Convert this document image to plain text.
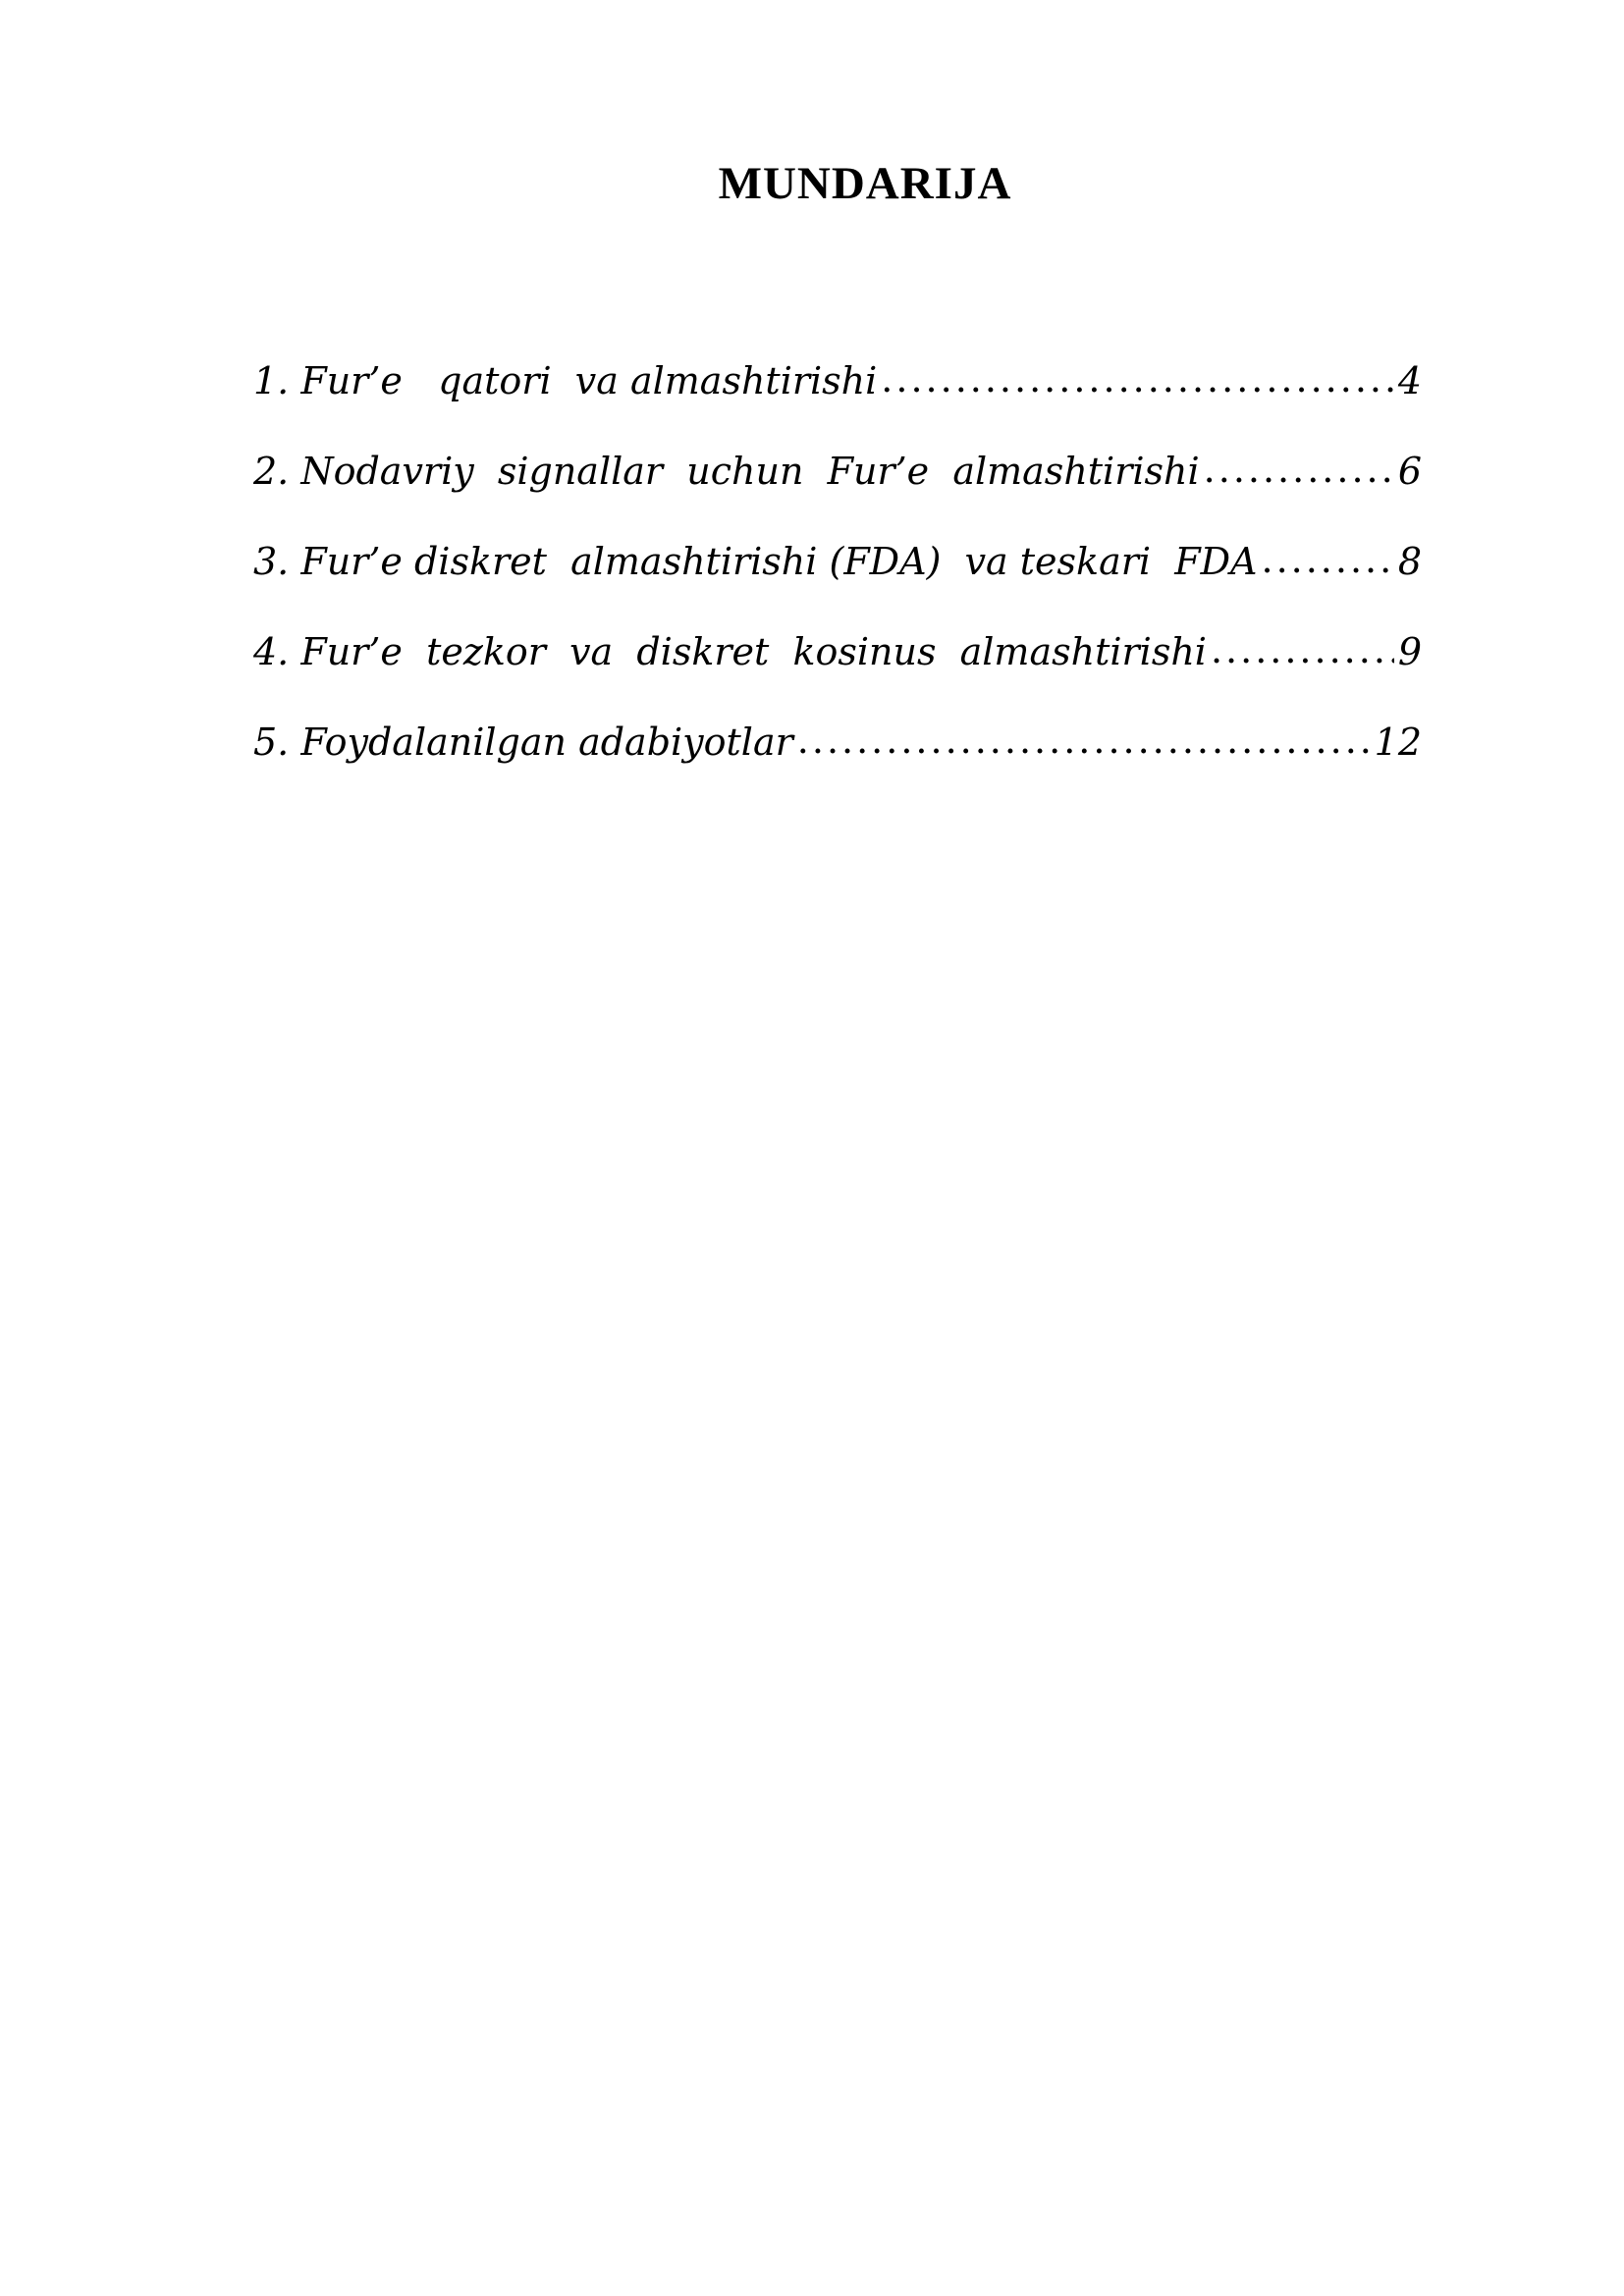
MUNDARIJA
1. Fur’e   qatori  va almashtirishi .....	4
2. Nodavriy  signallar  uchun  Fur’e  almashtirishi .....	6
3. Fur’e diskret  almashtirishi (FDA)  va teskari  FDA .....	8
4. Fur’e  tezkor  va  diskret  kosinus  almashtirishi .....	9
5. Foydalanilgan adabiyotlar .....	12
